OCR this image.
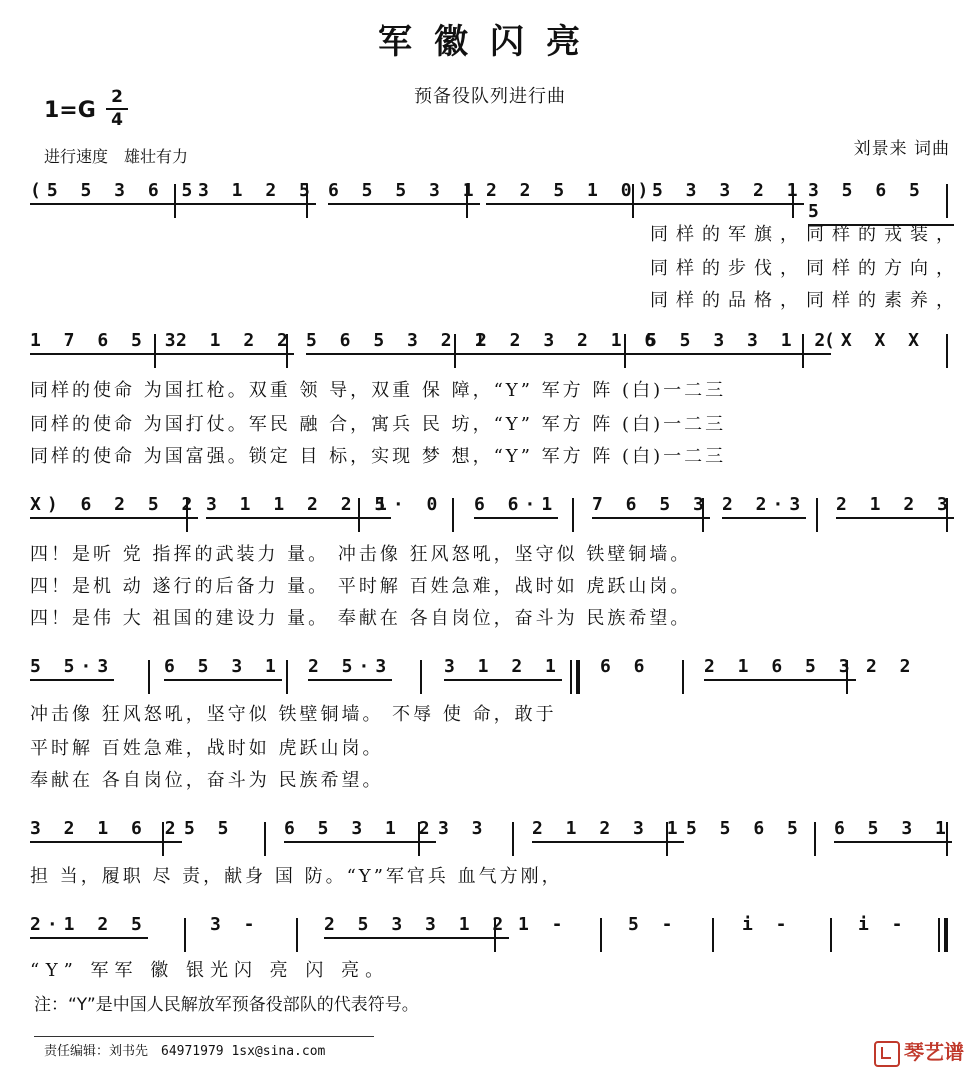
军徽闪亮
预备役队列进行曲
1=G
2
4
进行速度　雄壮有力	刘景来 词曲
(5 5 3 6 5 3 1 2 5 6 5 5 3 1 2 2 5 1 0)
5 3 3 2 1 3 5 6 5 5
同样的军旗，同样的戎装，
同样的步伐，同样的方向，
同样的品格，同样的素养，
1 7 6 5 3
2 1 2 2 5 6 5 3 2 1
2 2 3 2 1 6
5 5 3 3 1 2
(X X X
同样的使命 为国扛枪。双重 领 导，双重 保 障，“Y” 军方 阵 (白)一二三
同样的使命 为国打仗。军民 融 合，寓兵 民 坊，“Y” 军方 阵 (白)一二三
同样的使命 为国富强。锁定 目 标，实现 梦 想，“Y” 军方 阵 (白)一二三
X) 6 2 5 2 3 1 1 2 2 5
1· 0 6 6·1 7 6 5 3 2 2·3 2 1 2 3
四！是听 党 指挥的武装力 量。 冲击像 狂风怒吼，坚守似 铁壁铜墙。
四！是机 动 遂行的后备力 量。 平时解 百姓急难，战时如 虎跃山岗。
四！是伟 大 祖国的建设力 量。 奉献在 各自岗位，奋斗为 民族希望。
5 5·3	6 5 3 1 2 5·3	3 1 2 1 6 6	2 1 6 5 3 2 2
冲击像 狂风怒吼，坚守似 铁壁铜墙。 不辱 使 命，敢于
平时解 百姓急难，战时如 虎跃山岗。
奉献在 各自岗位，奋斗为 民族希望。
3 2 1 6 2 5 5	6 5 3 1 2 3 3 2 1 2 3 1 5 5 6 5 6 5 3 1
担 当，履职 尽 责，献身 国 防。“Y”军官兵 血气方刚，
2·1 2 5	3 -	2 5 3 3 1 2 1 -	5 -	i -	i -
“Y” 军军 徽 银光闪 亮 闪 亮。
注：“Y”是中国人民解放军预备役部队的代表符号。
责任编辑：刘书先　64971979 1sx@sina.com	琴艺谱
